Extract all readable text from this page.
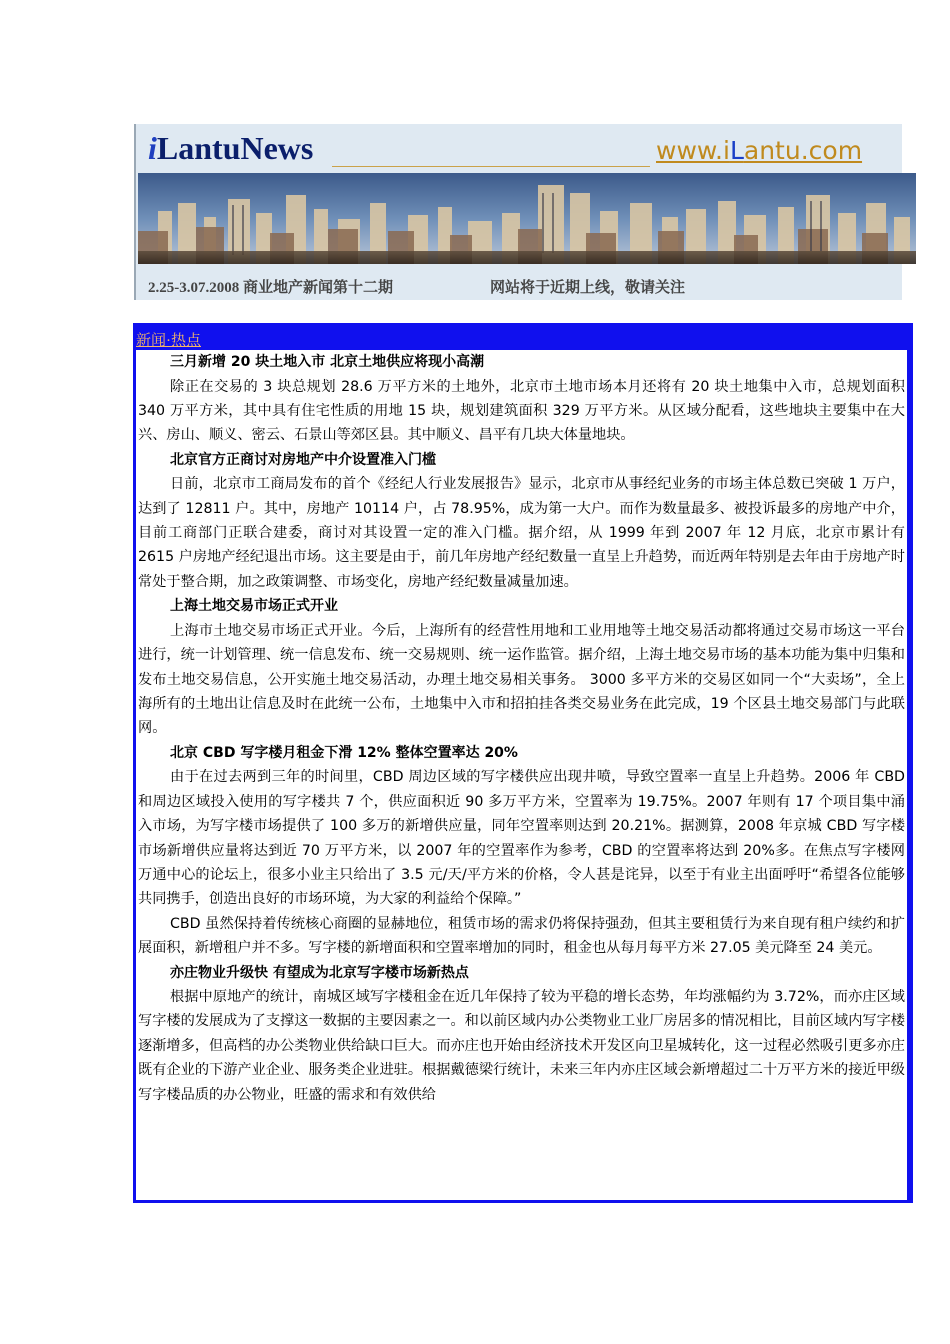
iLantuNews	www.iLantu.com
2.25-3.07.2008 商业地产新闻第十二期	网站将于近期上线，敬请关注
新闻·热点
三月新增 20 块土地入市 北京土地供应将现小高潮

除正在交易的 3 块总规划 28.6 万平方米的土地外，北京市土地市场本月还将有 20 块土地集中入市，总规划面积 340 万平方米，其中具有住宅性质的用地 15 块，规划建筑面积 329 万平方米。从区域分配看，这些地块主要集中在大兴、房山、顺义、密云、石景山等郊区县。其中顺义、昌平有几块大体量地块。

北京官方正商讨对房地产中介设置准入门槛

日前，北京市工商局发布的首个《经纪人行业发展报告》显示，北京市从事经纪业务的市场主体总数已突破 1 万户，达到了 12811 户。其中，房地产 10114 户，占 78.95%，成为第一大户。而作为数量最多、被投诉最多的房地产中介，目前工商部门正联合建委，商讨对其设置一定的准入门槛。据介绍，从 1999 年到 2007 年 12 月底，北京市累计有 2615 户房地产经纪退出市场。这主要是由于，前几年房地产经纪数量一直呈上升趋势，而近两年特别是去年由于房地产时常处于整合期，加之政策调整、市场变化，房地产经纪数量减量加速。

上海土地交易市场正式开业

上海市土地交易市场正式开业。今后，上海所有的经营性用地和工业用地等土地交易活动都将通过交易市场这一平台进行，统一计划管理、统一信息发布、统一交易规则、统一运作监管。据介绍，上海土地交易市场的基本功能为集中归集和发布土地交易信息，公开实施土地交易活动，办理土地交易相关事务。 3000 多平方米的交易区如同一个“大卖场”，全上海所有的土地出让信息及时在此统一公布，土地集中入市和招拍挂各类交易业务在此完成，19 个区县土地交易部门与此联网。

北京 CBD 写字楼月租金下滑 12% 整体空置率达 20%

由于在过去两到三年的时间里，CBD 周边区域的写字楼供应出现井喷，导致空置率一直呈上升趋势。2006 年 CBD 和周边区域投入使用的写字楼共 7 个，供应面积近 90 多万平方米，空置率为 19.75%。2007 年则有 17 个项目集中涌入市场，为写字楼市场提供了 100 多万的新增供应量，同年空置率则达到 20.21%。据测算，2008 年京城 CBD 写字楼市场新增供应量将达到近 70 万平方米，以 2007 年的空置率作为参考，CBD 的空置率将达到 20%多。在焦点写字楼网万通中心的论坛上，很多小业主只给出了 3.5 元/天/平方米的价格，令人甚是诧异，以至于有业主出面呼吁“希望各位能够共同携手，创造出良好的市场环境，为大家的利益给个保障。”

CBD 虽然保持着传统核心商圈的显赫地位，租赁市场的需求仍将保持强劲，但其主要租赁行为来自现有租户续约和扩展面积，新增租户并不多。写字楼的新增面积和空置率增加的同时，租金也从每月每平方米 27.05 美元降至 24 美元。

亦庄物业升级快 有望成为北京写字楼市场新热点

根据中原地产的统计，南城区域写字楼租金在近几年保持了较为平稳的增长态势，年均涨幅约为 3.72%，而亦庄区域写字楼的发展成为了支撑这一数据的主要因素之一。和以前区域内办公类物业工业厂房居多的情况相比，目前区域内写字楼逐渐增多，但高档的办公类物业供给缺口巨大。而亦庄也开始由经济技术开发区向卫星城转化，这一过程必然吸引更多亦庄既有企业的下游产业企业、服务类企业进驻。根据戴德梁行统计，未来三年内亦庄区域会新增超过二十万平方米的接近甲级写字楼品质的办公物业，旺盛的需求和有效供给
